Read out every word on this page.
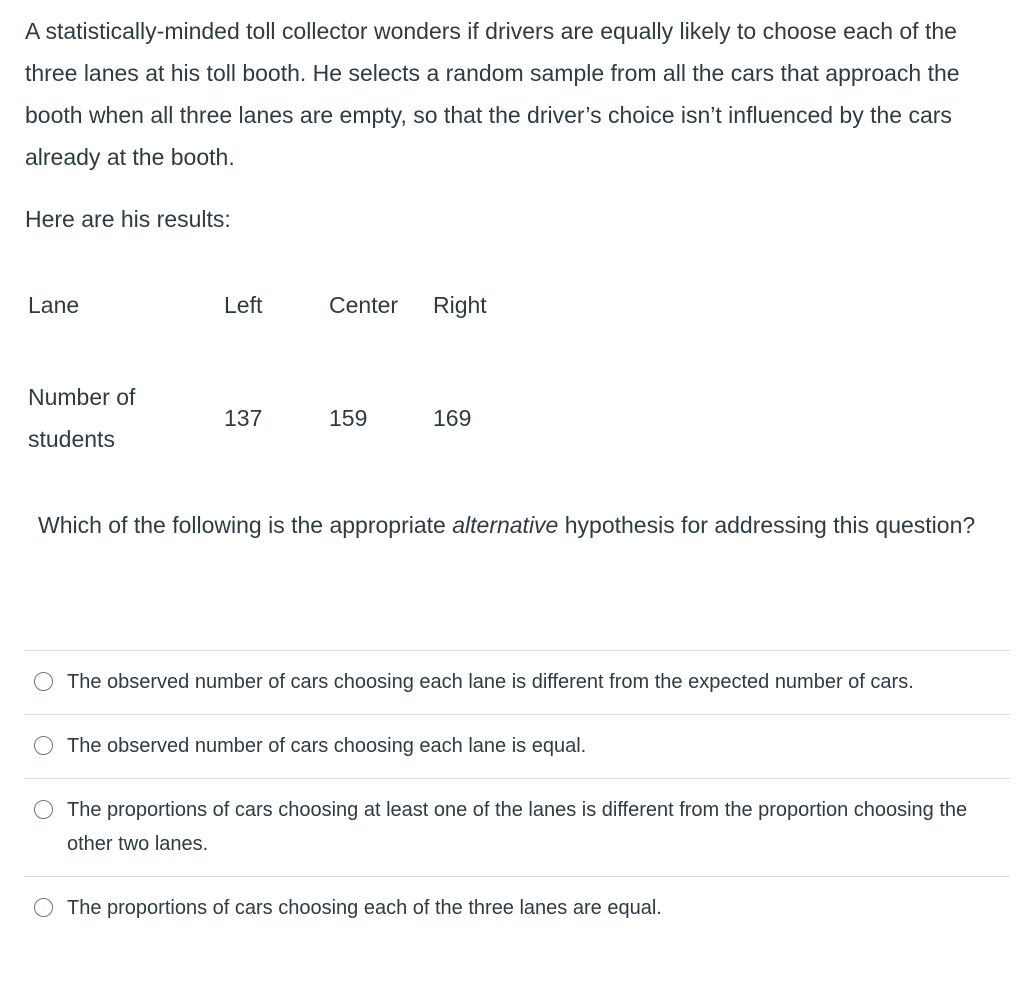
A statistically-minded toll collector wonders if drivers are equally likely to choose each of the three lanes at his toll booth. He selects a random sample from all the cars that approach the booth when all three lanes are empty, so that the driver’s choice isn’t influenced by the cars already at the booth.

Here are his results:

Lane	Left	Center	Right

Number of
students	137	159	169

Which of the following is the appropriate alternative hypothesis for addressing this question?

The observed number of cars choosing each lane is different from the expected number of cars.
The observed number of cars choosing each lane is equal.
The proportions of cars choosing at least one of the lanes is different from the proportion choosing the other two lanes.
The proportions of cars choosing each of the three lanes are equal.
